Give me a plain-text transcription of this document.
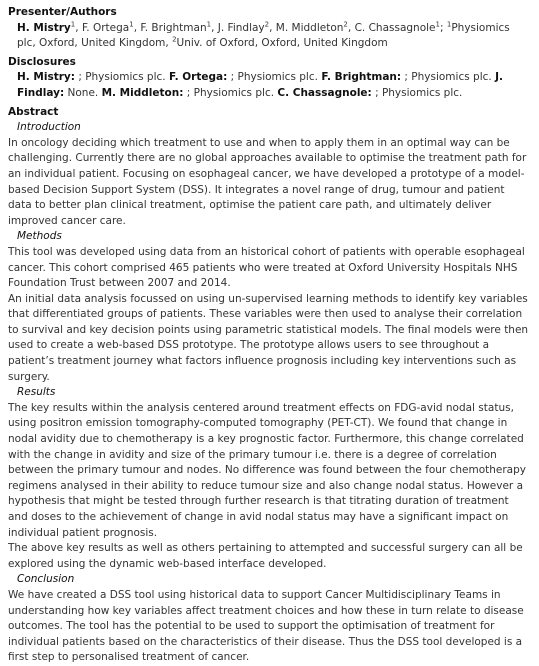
Presenter/Authors
H. Mistry$^1$, F. Ortega$^1$, F. Brightman$^1$, J. Findlay$^2$, M. Middleton$^2$, C. Chassagnole$^1$; $^1$Physiomics plc, Oxford, United Kingdom, $^2$Univ. of Oxford, Oxford, United Kingdom
Disclosures
H. Mistry: ; Physiomics plc. F. Ortega: ; Physiomics plc. F. Brightman: ; Physiomics plc. J. Findlay: None. M. Middleton: ; Physiomics plc. C. Chassagnole: ; Physiomics plc.
Abstract
Introduction

In oncology deciding which treatment to use and when to apply them in an optimal way can be challenging. Currently there are no global approaches available to optimise the treatment path for an individual patient. Focusing on esophageal cancer, we have developed a prototype of a model-based Decision Support System (DSS). It integrates a novel range of drug, tumour and patient data to better plan clinical treatment, optimise the patient care path, and ultimately deliver improved cancer care.

Methods

This tool was developed using data from an historical cohort of patients with operable esophageal cancer. This cohort comprised 465 patients who were treated at Oxford University Hospitals NHS Foundation Trust between 2007 and 2014.

An initial data analysis focussed on using un-supervised learning methods to identify key variables that differentiated groups of patients. These variables were then used to analyse their correlation to survival and key decision points using parametric statistical models. The final models were then used to create a web-based DSS prototype. The prototype allows users to see throughout a patient’s treatment journey what factors influence prognosis including key interventions such as surgery.

Results

The key results within the analysis centered around treatment effects on FDG-avid nodal status, using positron emission tomography-computed tomography (PET-CT). We found that change in nodal avidity due to chemotherapy is a key prognostic factor. Furthermore, this change correlated with the change in avidity and size of the primary tumour i.e. there is a degree of correlation between the primary tumour and nodes. No difference was found between the four chemotherapy regimens analysed in their ability to reduce tumour size and also change nodal status. However a hypothesis that might be tested through further research is that titrating duration of treatment and doses to the achievement of change in avid nodal status may have a significant impact on individual patient prognosis.

The above key results as well as others pertaining to attempted and successful surgery can all be explored using the dynamic web-based interface developed.

Conclusion

We have created a DSS tool using historical data to support Cancer Multidisciplinary Teams in understanding how key variables affect treatment choices and how these in turn relate to disease outcomes. The tool has the potential to be used to support the optimisation of treatment for individual patients based on the characteristics of their disease. Thus the DSS tool developed is a first step to personalised treatment of cancer.
